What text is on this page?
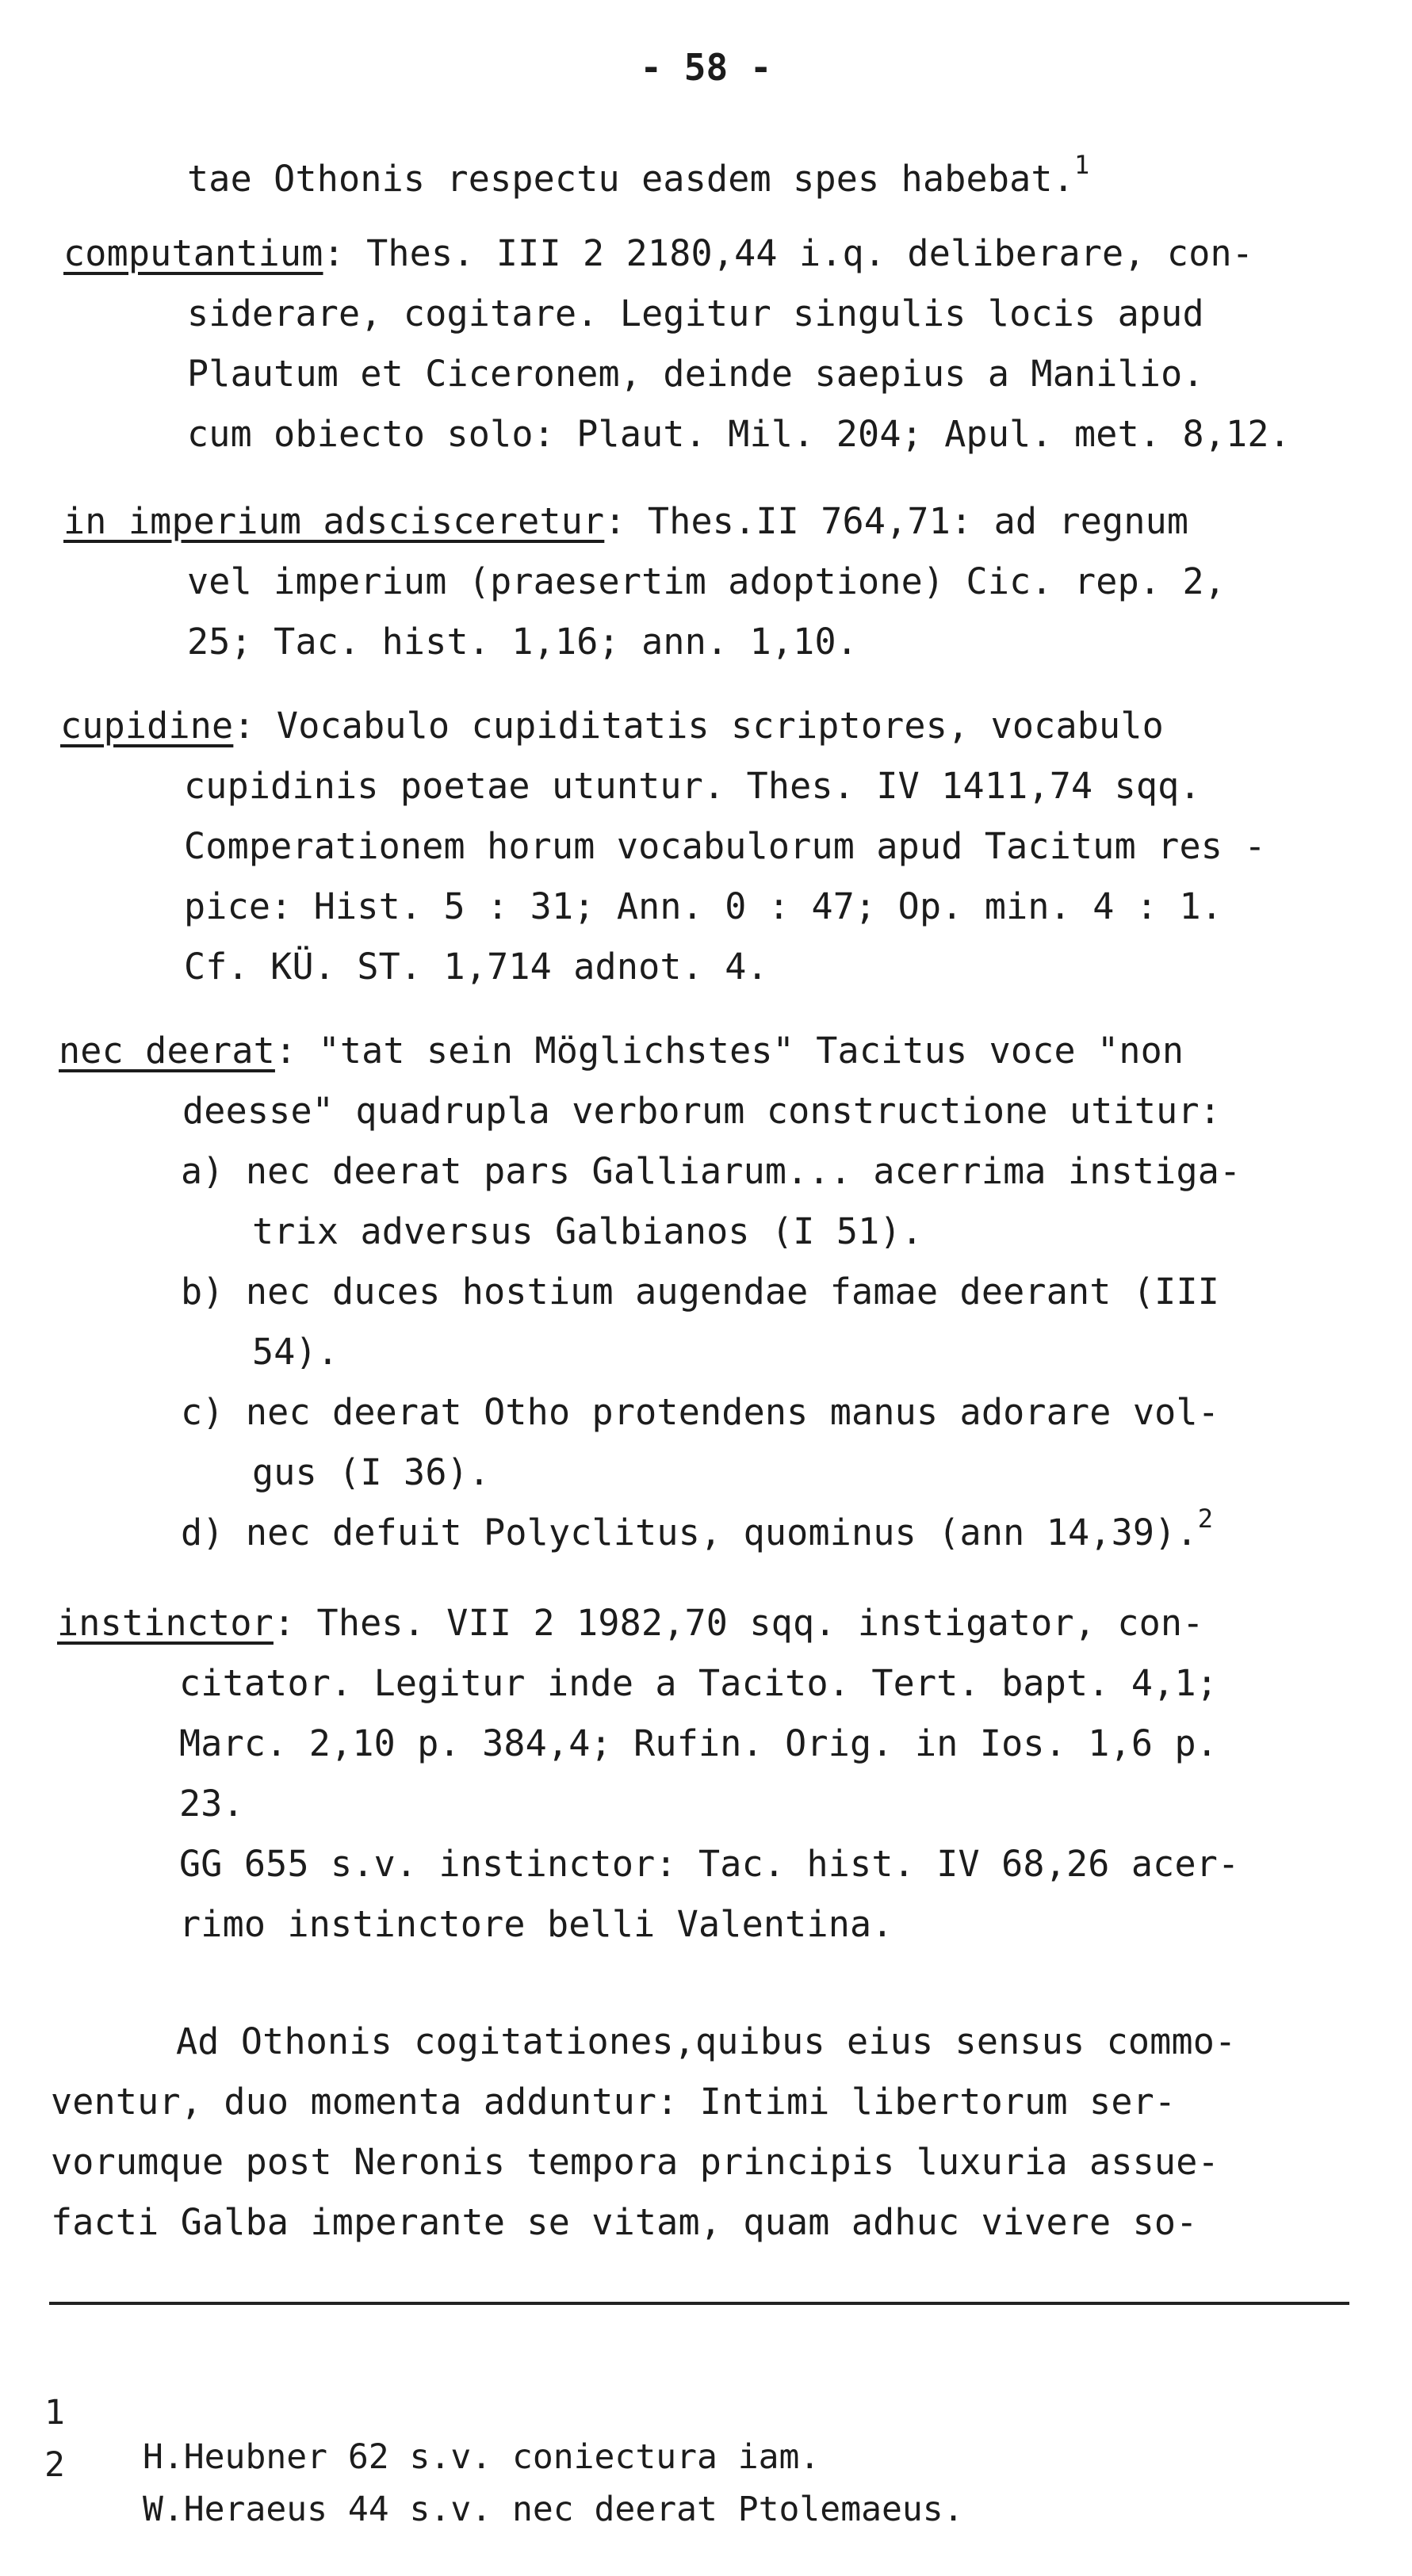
- 58 -
tae Othonis respectu easdem spes habebat.$^1$
computantium: Thes. III 2 2180,44 i.q. deliberare, con-
siderare, cogitare. Legitur singulis locis apud
Plautum et Ciceronem, deinde saepius a Manilio.
cum obiecto solo: Plaut. Mil. 204; Apul. met. 8,12.
in imperium adscisceretur: Thes.II 764,71: ad regnum
vel imperium (praesertim adoptione) Cic. rep. 2,
25; Tac. hist. 1,16; ann. 1,10.
cupidine: Vocabulo cupiditatis scriptores, vocabulo
cupidinis poetae utuntur. Thes. IV 1411,74 sqq.
Comperationem horum vocabulorum apud Tacitum res -
pice: Hist. 5 : 31; Ann. 0 : 47; Op. min. 4 : 1.
Cf. KÜ. ST. 1,714 adnot. 4.
nec deerat: "tat sein Möglichstes" Tacitus voce "non
deesse" quadrupla verborum constructione utitur:
a) nec deerat pars Galliarum... acerrima instiga-
trix adversus Galbianos (I 51).
b) nec duces hostium augendae famae deerant (III
54).
c) nec deerat Otho protendens manus adorare vol-
gus (I 36).
d) nec defuit Polyclitus, quominus (ann 14,39).$^2$
instinctor: Thes. VII 2 1982,70 sqq. instigator, con-
citator. Legitur inde a Tacito. Tert. bapt. 4,1;
Marc. 2,10 p. 384,4; Rufin. Orig. in Ios. 1,6 p.
23.
GG 655 s.v. instinctor: Tac. hist. IV 68,26 acer-
rimo instinctore belli Valentina.
Ad Othonis cogitationes,quibus eius sensus commo-
ventur, duo momenta adduntur: Intimi libertorum ser-
vorumque post Neronis tempora principis luxuria assue-
facti Galba imperante se vitam, quam adhuc vivere so-

1

H.Heubner 62 s.v. coniectura iam.

2

W.Heraeus 44 s.v. nec deerat Ptolemaeus.
